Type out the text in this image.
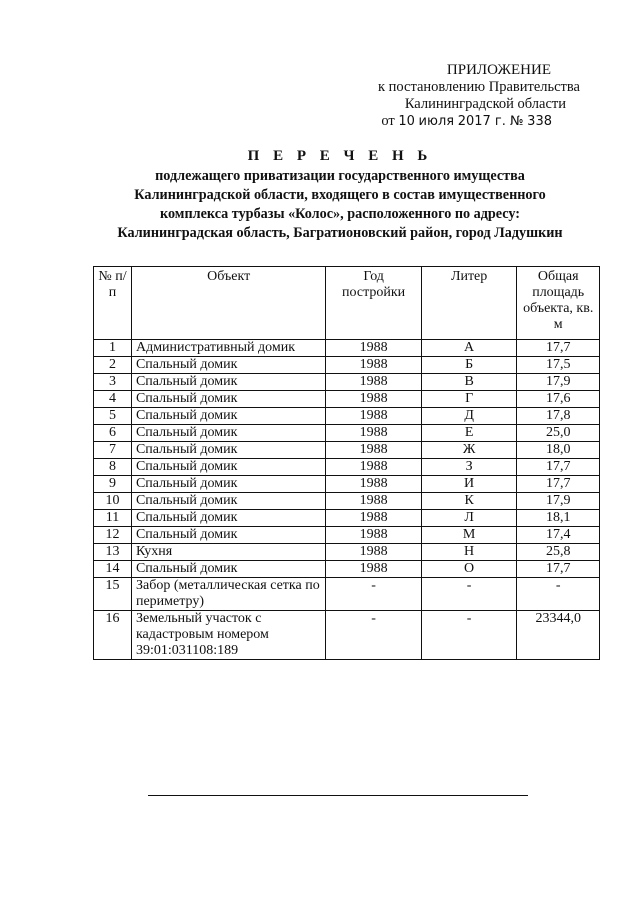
ПРИЛОЖЕНИЕ
к постановлению Правительства
Калининградской области
от 10 июля 2017 г. № 338
П Е Р Е Ч Е Н Ь
подлежащего приватизации государственного имущества
Калининградской области, входящего в состав имущественного
комплекса турбазы «Колос», расположенного по адресу:
Калининградская область, Багратионовский район, город Ладушкин
№ п/п	Объект	Год постройки	Литер	Общая площадь объекта, кв. м
1	Административный домик	1988	А	17,7
2	Спальный домик	1988	Б	17,5
3	Спальный домик	1988	В	17,9
4	Спальный домик	1988	Г	17,6
5	Спальный домик	1988	Д	17,8
6	Спальный домик	1988	Е	25,0
7	Спальный домик	1988	Ж	18,0
8	Спальный домик	1988	З	17,7
9	Спальный домик	1988	И	17,7
10	Спальный домик	1988	К	17,9
11	Спальный домик	1988	Л	18,1
12	Спальный домик	1988	М	17,4
13	Кухня	1988	Н	25,8
14	Спальный домик	1988	О	17,7
15	Забор (металлическая сетка по периметру)	-	-	-
16	Земельный участок с кадастровым номером 39:01:031108:189	-	-	23344,0
